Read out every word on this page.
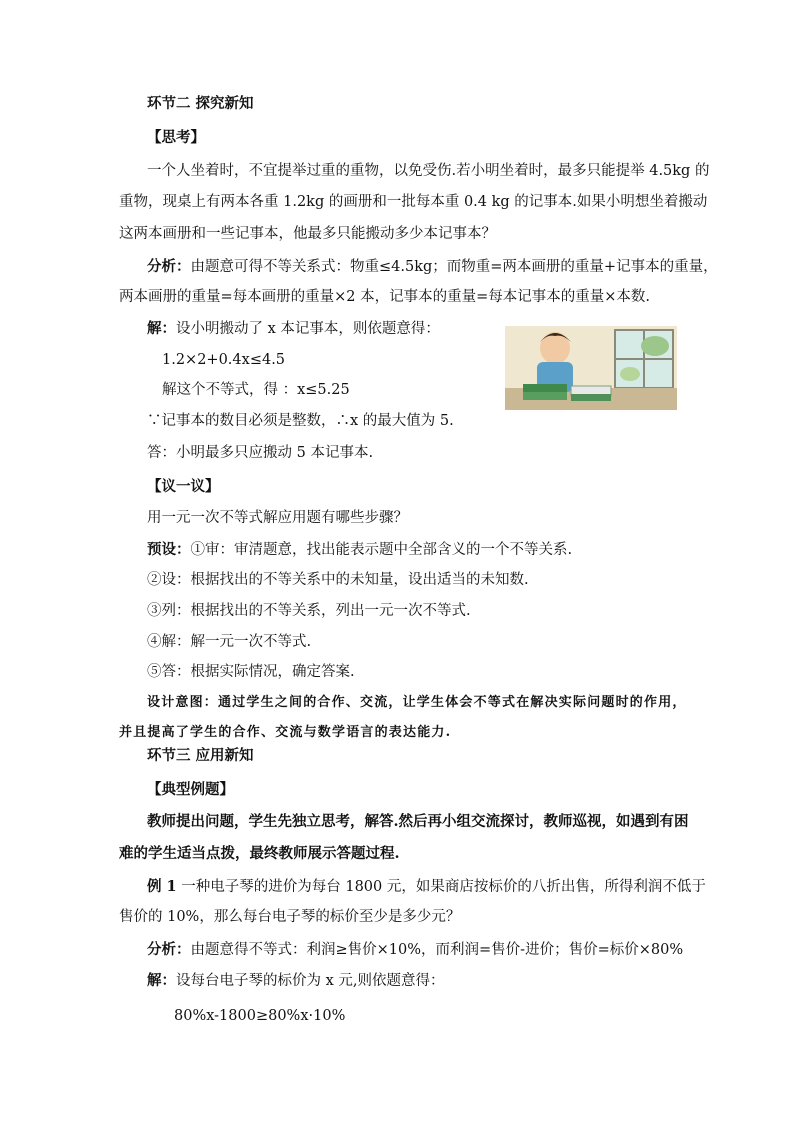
环节二 探究新知
【思考】
一个人坐着时，不宜提举过重的重物，以免受伤.若小明坐着时，最多只能提举 4.5kg 的
重物，现桌上有两本各重 1.2kg 的画册和一批每本重 0.4 kg 的记事本.如果小明想坐着搬动
这两本画册和一些记事本，他最多只能搬动多少本记事本？
分析：由题意可得不等关系式：物重≤4.5kg；而物重=两本画册的重量+记事本的重量，
两本画册的重量=每本画册的重量×2 本，记事本的重量=每本记事本的重量×本数.
解：设小明搬动了 x 本记事本，则依题意得：
1.2×2+0.4x≤4.5
解这个不等式，得 ：x≤5.25
∵记事本的数目必须是整数，∴x 的最大值为 5.
答：小明最多只应搬动 5 本记事本.
【议一议】
用一元一次不等式解应用题有哪些步骤？
预设：①审：审清题意，找出能表示题中全部含义的一个不等关系.
②设：根据找出的不等关系中的未知量，设出适当的未知数.
③列：根据找出的不等关系，列出一元一次不等式.
④解：解一元一次不等式.
⑤答：根据实际情况，确定答案.
设计意图：通过学生之间的合作、交流，让学生体会不等式在解决实际问题时的作用，
并且提高了学生的合作、交流与数学语言的表达能力.
环节三 应用新知
【典型例题】
教师提出问题，学生先独立思考，解答.然后再小组交流探讨，教师巡视，如遇到有困
难的学生适当点拨，最终教师展示答题过程.
例 1 一种电子琴的进价为每台 1800 元，如果商店按标价的八折出售，所得利润不低于
售价的 10%，那么每台电子琴的标价至少是多少元？
分析：由题意得不等式：利润≥售价×10%，而利润=售价-进价；售价=标价×80%
解：设每台电子琴的标价为 x 元,则依题意得：
80%x-1800≥80%x·10%
